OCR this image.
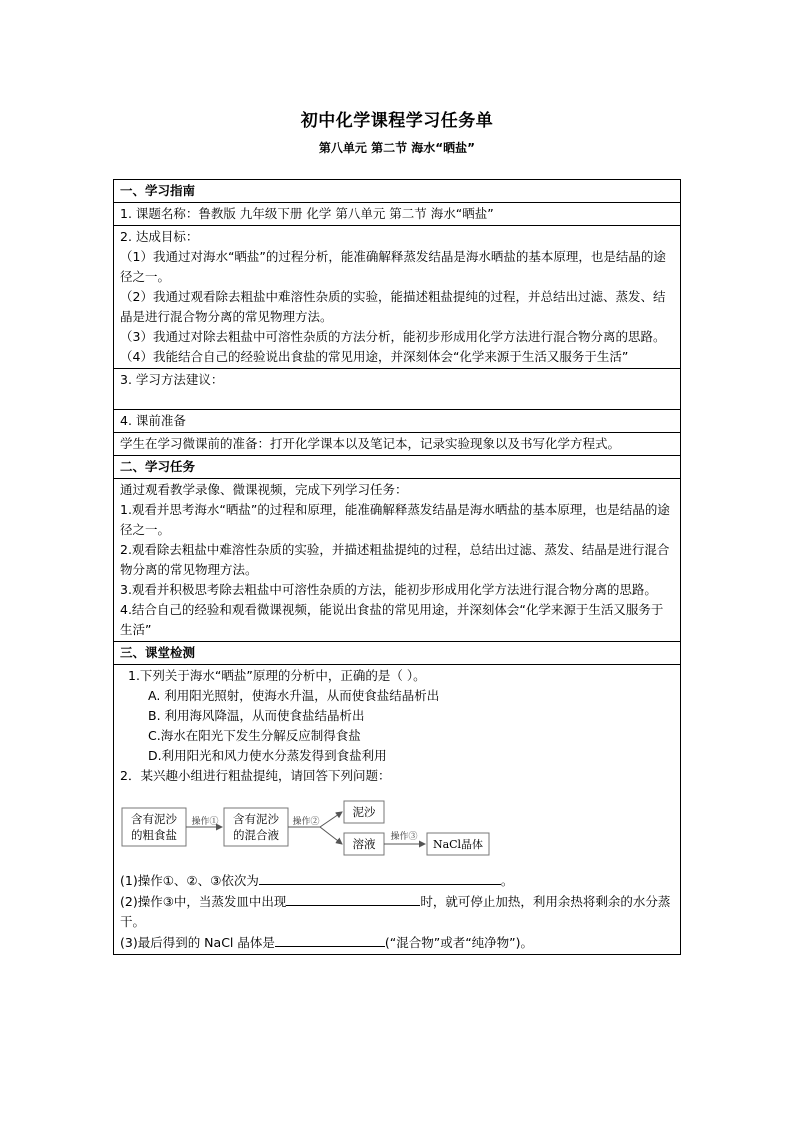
初中化学课程学习任务单
第八单元 第二节 海水“晒盐”
一、学习指南
1. 课题名称：鲁教版 九年级下册 化学 第八单元 第二节 海水“晒盐”

2. 达成目标：
（1）我通过对海水“晒盐”的过程分析，能准确解释蒸发结晶是海水晒盐的基本原理，也是结晶的途径之一。
（2）我通过观看除去粗盐中难溶性杂质的实验，能描述粗盐提纯的过程，并总结出过滤、蒸发、结晶是进行混合物分离的常见物理方法。
（3）我通过对除去粗盐中可溶性杂质的方法分析，能初步形成用化学方法进行混合物分离的思路。
（4）我能结合自己的经验说出食盐的常见用途，并深刻体会“化学来源于生活又服务于生活”

3. 学习方法建议：
4. 课前准备
学生在学习微课前的准备：打开化学课本以及笔记本，记录实验现象以及书写化学方程式。
二、学习任务

通过观看教学录像、微课视频，完成下列学习任务：
1.观看并思考海水“晒盐”的过程和原理，能准确解释蒸发结晶是海水晒盐的基本原理，也是结晶的途径之一。
2.观看除去粗盐中难溶性杂质的实验，并描述粗盐提纯的过程，总结出过滤、蒸发、结晶是进行混合物分离的常见物理方法。
3.观看并积极思考除去粗盐中可溶性杂质的方法，能初步形成用化学方法进行混合物分离的思路。
4.结合自己的经验和观看微课视频，能说出食盐的常见用途，并深刻体会“化学来源于生活又服务于生活”

三、课堂检测

1.下列关于海水“晒盐”原理的分析中，正确的是（ ）。
A. 利用阳光照射，使海水升温，从而使食盐结晶析出
B. 利用海风降温，从而使食盐结晶析出
C.海水在阳光下发生分解反应制得食盐
D.利用阳光和风力使水分蒸发得到食盐利用
2．某兴趣小组进行粗盐提纯，请回答下列问题：
含有泥沙
的粗食盐
操作① 含有泥沙
的混合液
操作②
泥沙
溶液 操作③
NaCl晶体
(1)操作①、②、③依次为	。
(2)操作③中，当蒸发皿中出现	时，就可停止加热，利用余热将剩余的水分蒸干。
(3)最后得到的 NaCl 晶体是	(“混合物”或者“纯净物”)。
